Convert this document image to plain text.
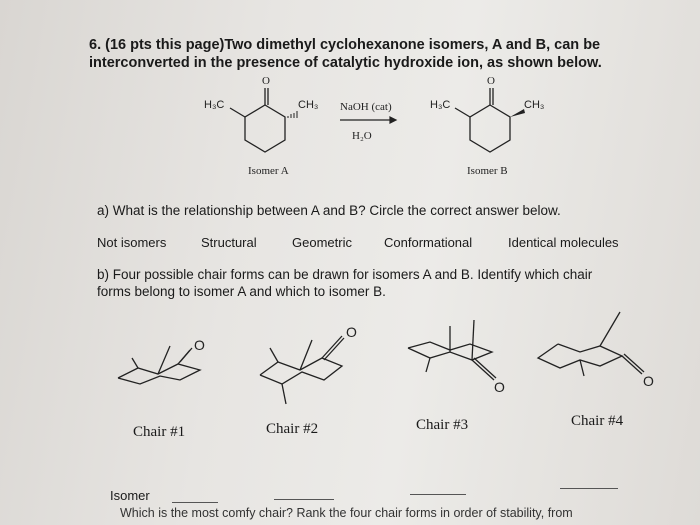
6. (16 pts this page)Two dimethyl cyclohexanone isomers, A and B, can be
interconverted in the presence of catalytic hydroxide ion, as shown below.
O
H₃C	CH₃
Isomer A
NaOH (cat)
H₂O
O
H₃C	CH₃
Isomer B
a) What is the relationship between A and B? Circle the correct answer below.
Not isomers	Structural	Geometric Conformational	Identical molecules
b) Four possible chair forms can be drawn for isomers A and B. Identify which chair
forms belong to isomer A and which to isomer B.
O
O
O	O
Chair #1	Chair #2	Chair #3	Chair #4
Isomer
Which is the most comfy chair? Rank the four chair forms in order of stability, from
